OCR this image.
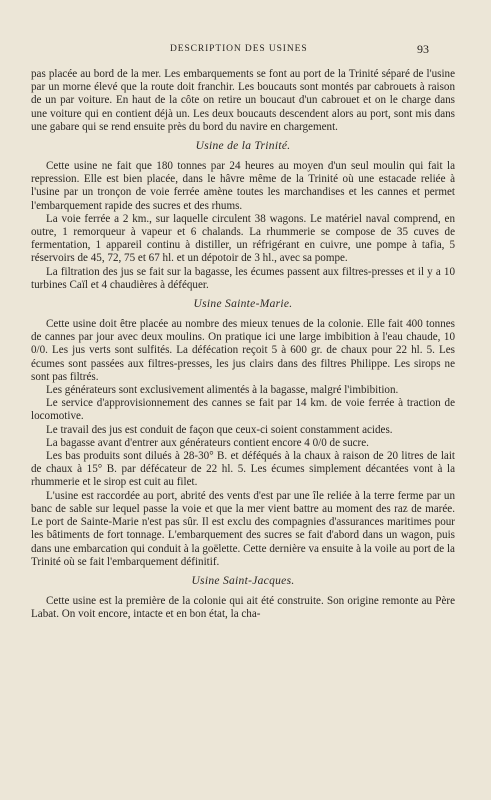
DESCRIPTION DES USINES	93

pas placée au bord de la mer. Les embarquements se font au port de la Trinité séparé de l'usine par un morne élevé que la route doit franchir. Les boucauts sont montés par cabrouets à raison de un par voiture. En haut de la côte on retire un boucaut d'un cabrouet et on le charge dans une voiture qui en contient déjà un. Les deux boucauts descendent alors au port, sont mis dans une gabare qui se rend ensuite près du bord du navire en chargement.

Usine de la Trinité.

Cette usine ne fait que 180 tonnes par 24 heures au moyen d'un seul moulin qui fait la repression. Elle est bien placée, dans le hâvre même de la Trinité où une estacade reliée à l'usine par un tronçon de voie ferrée amène toutes les marchandises et les cannes et permet l'embarquement rapide des sucres et des rhums.

La voie ferrée a 2 km., sur laquelle circulent 38 wagons. Le matériel naval comprend, en outre, 1 remorqueur à vapeur et 6 chalands. La rhummerie se compose de 35 cuves de fermentation, 1 appareil continu à distiller, un réfrigérant en cuivre, une pompe à tafia, 5 réservoirs de 45, 72, 75 et 67 hl. et un dépotoir de 3 hl., avec sa pompe.

La filtration des jus se fait sur la bagasse, les écumes passent aux filtres-presses et il y a 10 turbines Caïl et 4 chaudières à déféquer.

Usine Sainte-Marie.

Cette usine doit être placée au nombre des mieux tenues de la colonie. Elle fait 400 tonnes de cannes par jour avec deux moulins. On pratique ici une large imbibition à l'eau chaude, 10 0/0. Les jus verts sont sulfités. La défécation reçoit 5 à 600 gr. de chaux pour 22 hl. 5. Les écumes sont passées aux filtres-presses, les jus clairs dans des filtres Philippe. Les sirops ne sont pas filtrés.

Les générateurs sont exclusivement alimentés à la bagasse, malgré l'imbibition.

Le service d'approvisionnement des cannes se fait par 14 km. de voie ferrée à traction de locomotive.

Le travail des jus est conduit de façon que ceux-ci soient constamment acides.

La bagasse avant d'entrer aux générateurs contient encore 4 0/0 de sucre.

Les bas produits sont dilués à 28-30° B. et déféqués à la chaux à raison de 20 litres de lait de chaux à 15° B. par défécateur de 22 hl. 5. Les écumes simplement décantées vont à la rhummerie et le sirop est cuit au filet.

L'usine est raccordée au port, abrité des vents d'est par une île reliée à la terre ferme par un banc de sable sur lequel passe la voie et que la mer vient battre au moment des raz de marée. Le port de Sainte-Marie n'est pas sûr. Il est exclu des compagnies d'assurances maritimes pour les bâtiments de fort tonnage. L'embarquement des sucres se fait d'abord dans un wagon, puis dans une embarcation qui conduit à la goëlette. Cette dernière va ensuite à la voile au port de la Trinité où se fait l'embarquement définitif.

Usine Saint-Jacques.

Cette usine est la première de la colonie qui ait été construite. Son origine remonte au Père Labat. On voit encore, intacte et en bon état, la cha-
